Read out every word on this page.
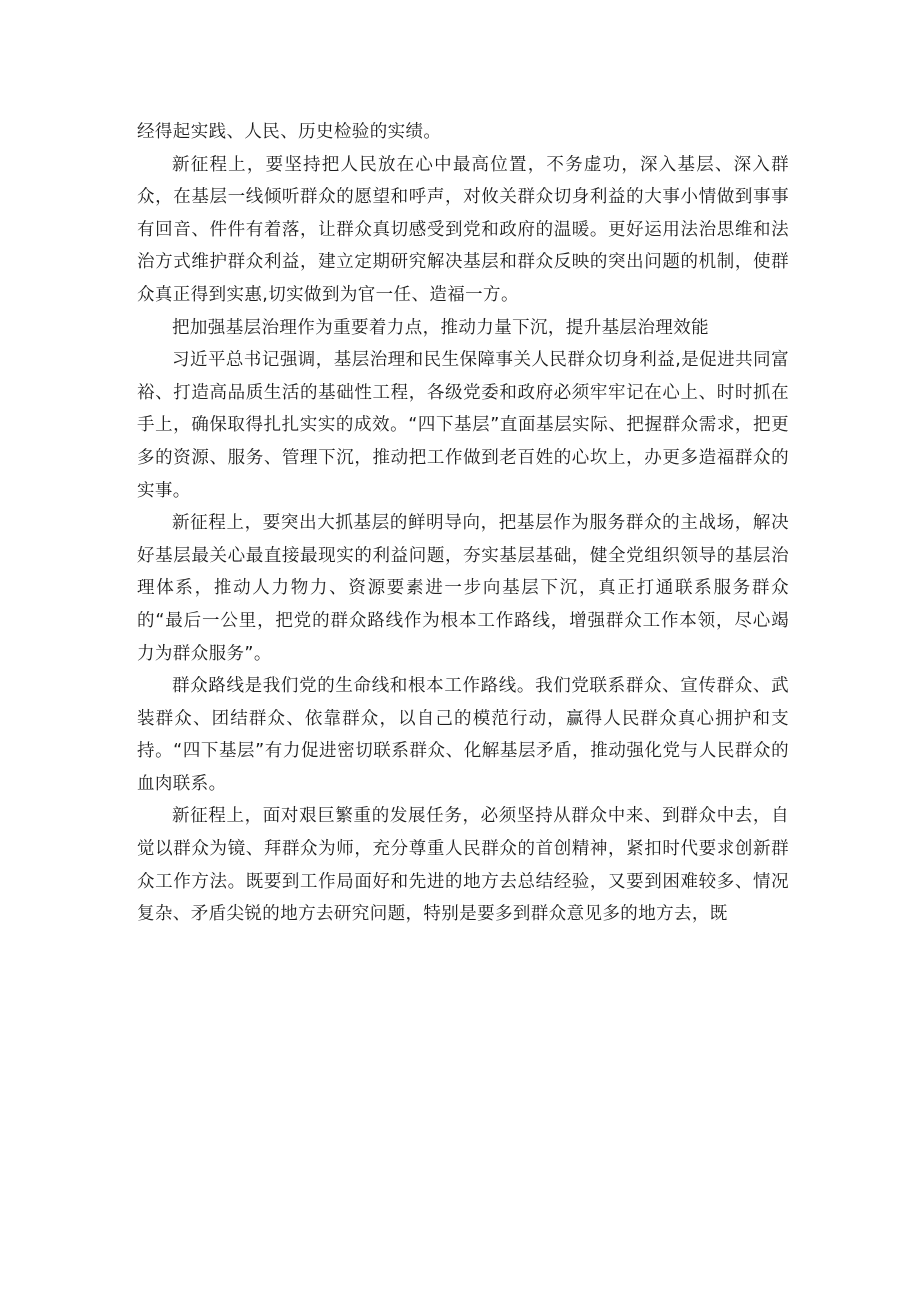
经得起实践、人民、历史检验的实绩。

新征程上，要坚持把人民放在心中最高位置，不务虚功，深入基层、深入群众，在基层一线倾听群众的愿望和呼声，对攸关群众切身利益的大事小情做到事事有回音、件件有着落，让群众真切感受到党和政府的温暖。更好运用法治思维和法治方式维护群众利益，建立定期研究解决基层和群众反映的突出问题的机制，使群众真正得到实惠,切实做到为官一任、造福一方。

把加强基层治理作为重要着力点，推动力量下沉，提升基层治理效能

习近平总书记强调，基层治理和民生保障事关人民群众切身利益,是促进共同富裕、打造高品质生活的基础性工程，各级党委和政府必须牢牢记在心上、时时抓在手上，确保取得扎扎实实的成效。“四下基层”直面基层实际、把握群众需求，把更多的资源、服务、管理下沉，推动把工作做到老百姓的心坎上，办更多造福群众的实事。

新征程上，要突出大抓基层的鲜明导向，把基层作为服务群众的主战场，解决好基层最关心最直接最现实的利益问题，夯实基层基础，健全党组织领导的基层治理体系，推动人力物力、资源要素进一步向基层下沉，真正打通联系服务群众的“最后一公里，把党的群众路线作为根本工作路线，增强群众工作本领，尽心竭力为群众服务”。

群众路线是我们党的生命线和根本工作路线。我们党联系群众、宣传群众、武装群众、团结群众、依靠群众，以自己的模范行动，赢得人民群众真心拥护和支持。“四下基层”有力促进密切联系群众、化解基层矛盾，推动强化党与人民群众的血肉联系。

新征程上，面对艰巨繁重的发展任务，必须坚持从群众中来、到群众中去，自觉以群众为镜、拜群众为师，充分尊重人民群众的首创精神，紧扣时代要求创新群众工作方法。既要到工作局面好和先进的地方去总结经验，又要到困难较多、情况复杂、矛盾尖锐的地方去研究问题，特别是要多到群众意见多的地方去，既
